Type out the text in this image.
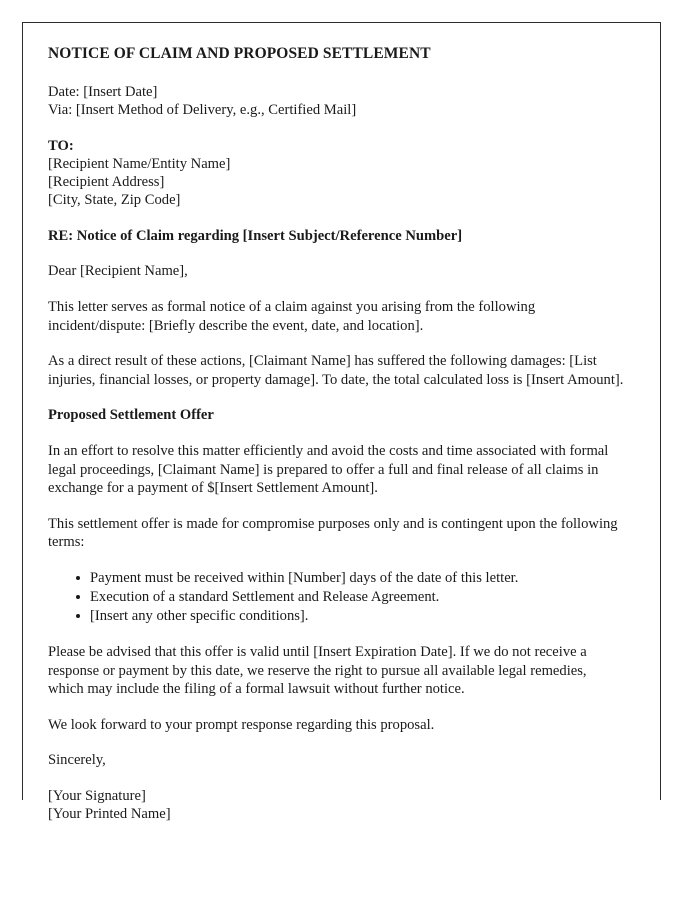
NOTICE OF CLAIM AND PROPOSED SETTLEMENT
Date: [Insert Date]
Via: [Insert Method of Delivery, e.g., Certified Mail]
TO:
[Recipient Name/Entity Name]
[Recipient Address]
[City, State, Zip Code]
RE: Notice of Claim regarding [Insert Subject/Reference Number]
Dear [Recipient Name],
This letter serves as formal notice of a claim against you arising from the following incident/dispute: [Briefly describe the event, date, and location].
As a direct result of these actions, [Claimant Name] has suffered the following damages: [List injuries, financial losses, or property damage]. To date, the total calculated loss is [Insert Amount].
Proposed Settlement Offer
In an effort to resolve this matter efficiently and avoid the costs and time associated with formal legal proceedings, [Claimant Name] is prepared to offer a full and final release of all claims in exchange for a payment of $[Insert Settlement Amount].
This settlement offer is made for compromise purposes only and is contingent upon the following terms:
Payment must be received within [Number] days of the date of this letter.
Execution of a standard Settlement and Release Agreement.
[Insert any other specific conditions].
Please be advised that this offer is valid until [Insert Expiration Date]. If we do not receive a response or payment by this date, we reserve the right to pursue all available legal remedies, which may include the filing of a formal lawsuit without further notice.
We look forward to your prompt response regarding this proposal.
Sincerely,
[Your Signature]
[Your Printed Name]
